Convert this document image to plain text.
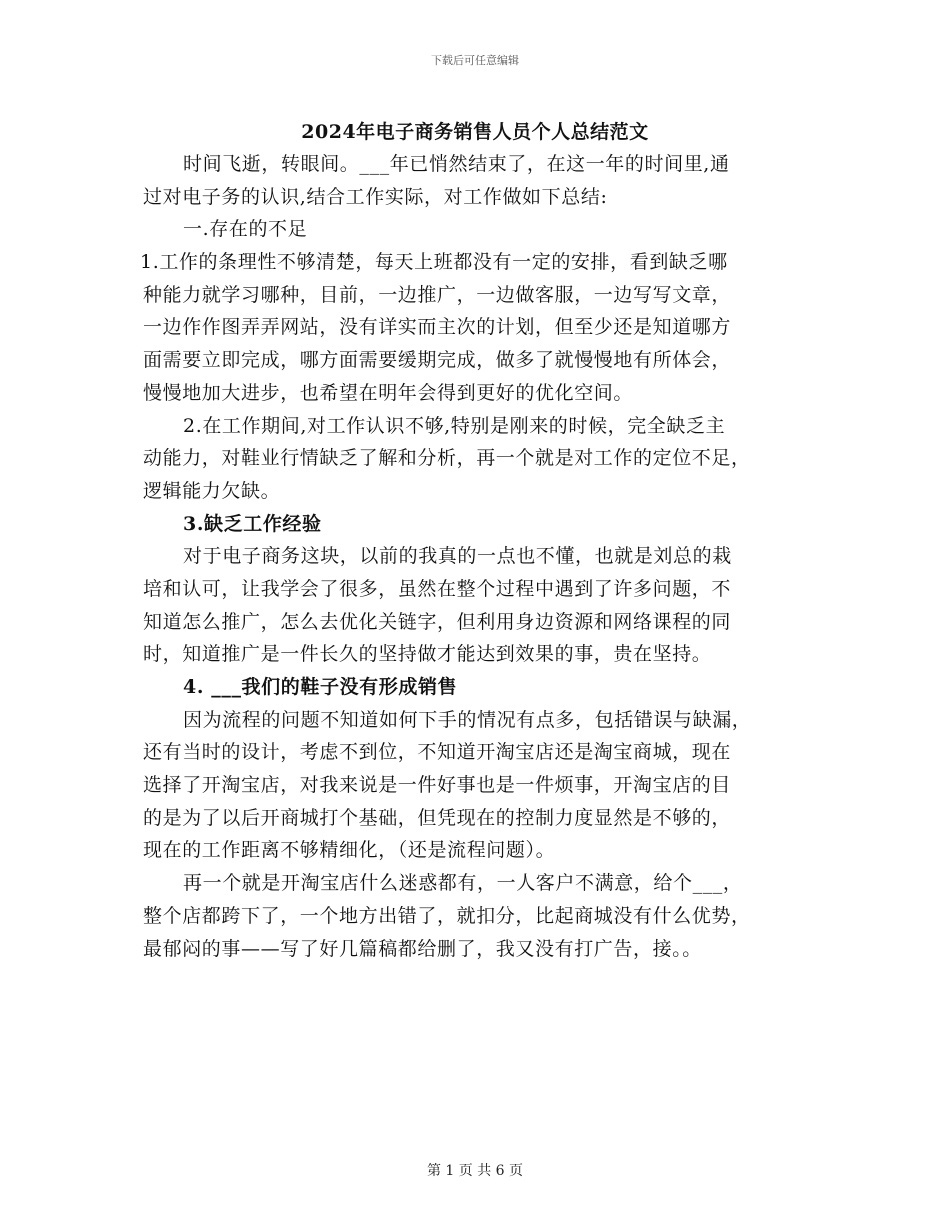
下载后可任意编辑
2024年电子商务销售人员个人总结范文
时间飞逝，转眼间。___年已悄然结束了，在这一年的时间里,通
过对电子务的认识,结合工作实际，对工作做如下总结:
一.存在的不足
1.工作的条理性不够清楚，每天上班都没有一定的安排，看到缺乏哪
种能力就学习哪种，目前，一边推广，一边做客服，一边写写文章，
一边作作图弄弄网站，没有详实而主次的计划，但至少还是知道哪方
面需要立即完成，哪方面需要缓期完成，做多了就慢慢地有所体会，
慢慢地加大进步，也希望在明年会得到更好的优化空间。
2.在工作期间,对工作认识不够,特别是刚来的时候，完全缺乏主
动能力，对鞋业行情缺乏了解和分析，再一个就是对工作的定位不足，
逻辑能力欠缺。
3.缺乏工作经验
对于电子商务这块，以前的我真的一点也不懂，也就是刘总的栽
培和认可，让我学会了很多，虽然在整个过程中遇到了许多问题，不
知道怎么推广，怎么去优化关链字，但利用身边资源和网络课程的同
时，知道推广是一件长久的坚持做才能达到效果的事，贵在坚持。
4. ___我们的鞋子没有形成销售
因为流程的问题不知道如何下手的情况有点多，包括错误与缺漏，
还有当时的设计，考虑不到位，不知道开淘宝店还是淘宝商城，现在
选择了开淘宝店，对我来说是一件好事也是一件烦事，开淘宝店的目
的是为了以后开商城打个基础，但凭现在的控制力度显然是不够的，
现在的工作距离不够精细化，（还是流程问题）。
再一个就是开淘宝店什么迷惑都有，一人客户不满意，给个___，
整个店都跨下了，一个地方出错了，就扣分，比起商城没有什么优势，
最郁闷的事——写了好几篇稿都给删了，我又没有打广告，接。。
第 1 页 共 6 页
